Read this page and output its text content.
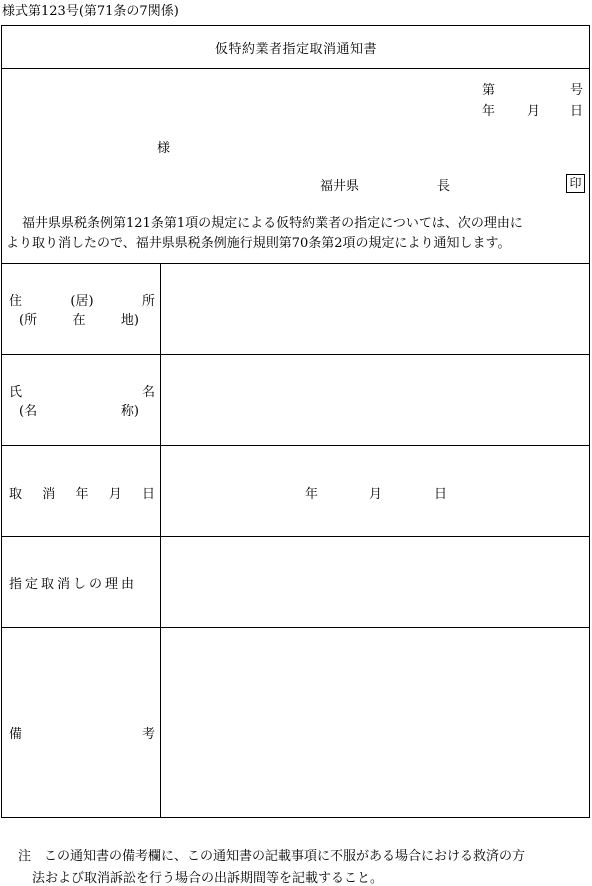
様式第123号(第71条の7関係)
仮特約業者指定取消通知書
第	号
年 月 日
様
福井県	長	印
福井県県税条例第121条第1項の規定による仮特約業者の指定については、次の理由に
より取り消したので、福井県県税条例施行規則第70条第2項の規定により通知します。
住	(居)	所
(所	在	地)
氏	名
(名	称)
取 消 年 月 日	年	月	日
指定取消しの理由
備	考
注　この通知書の備考欄に、この通知書の記載事項に不服がある場合における救済の方
法および取消訴訟を行う場合の出訴期間等を記載すること。
